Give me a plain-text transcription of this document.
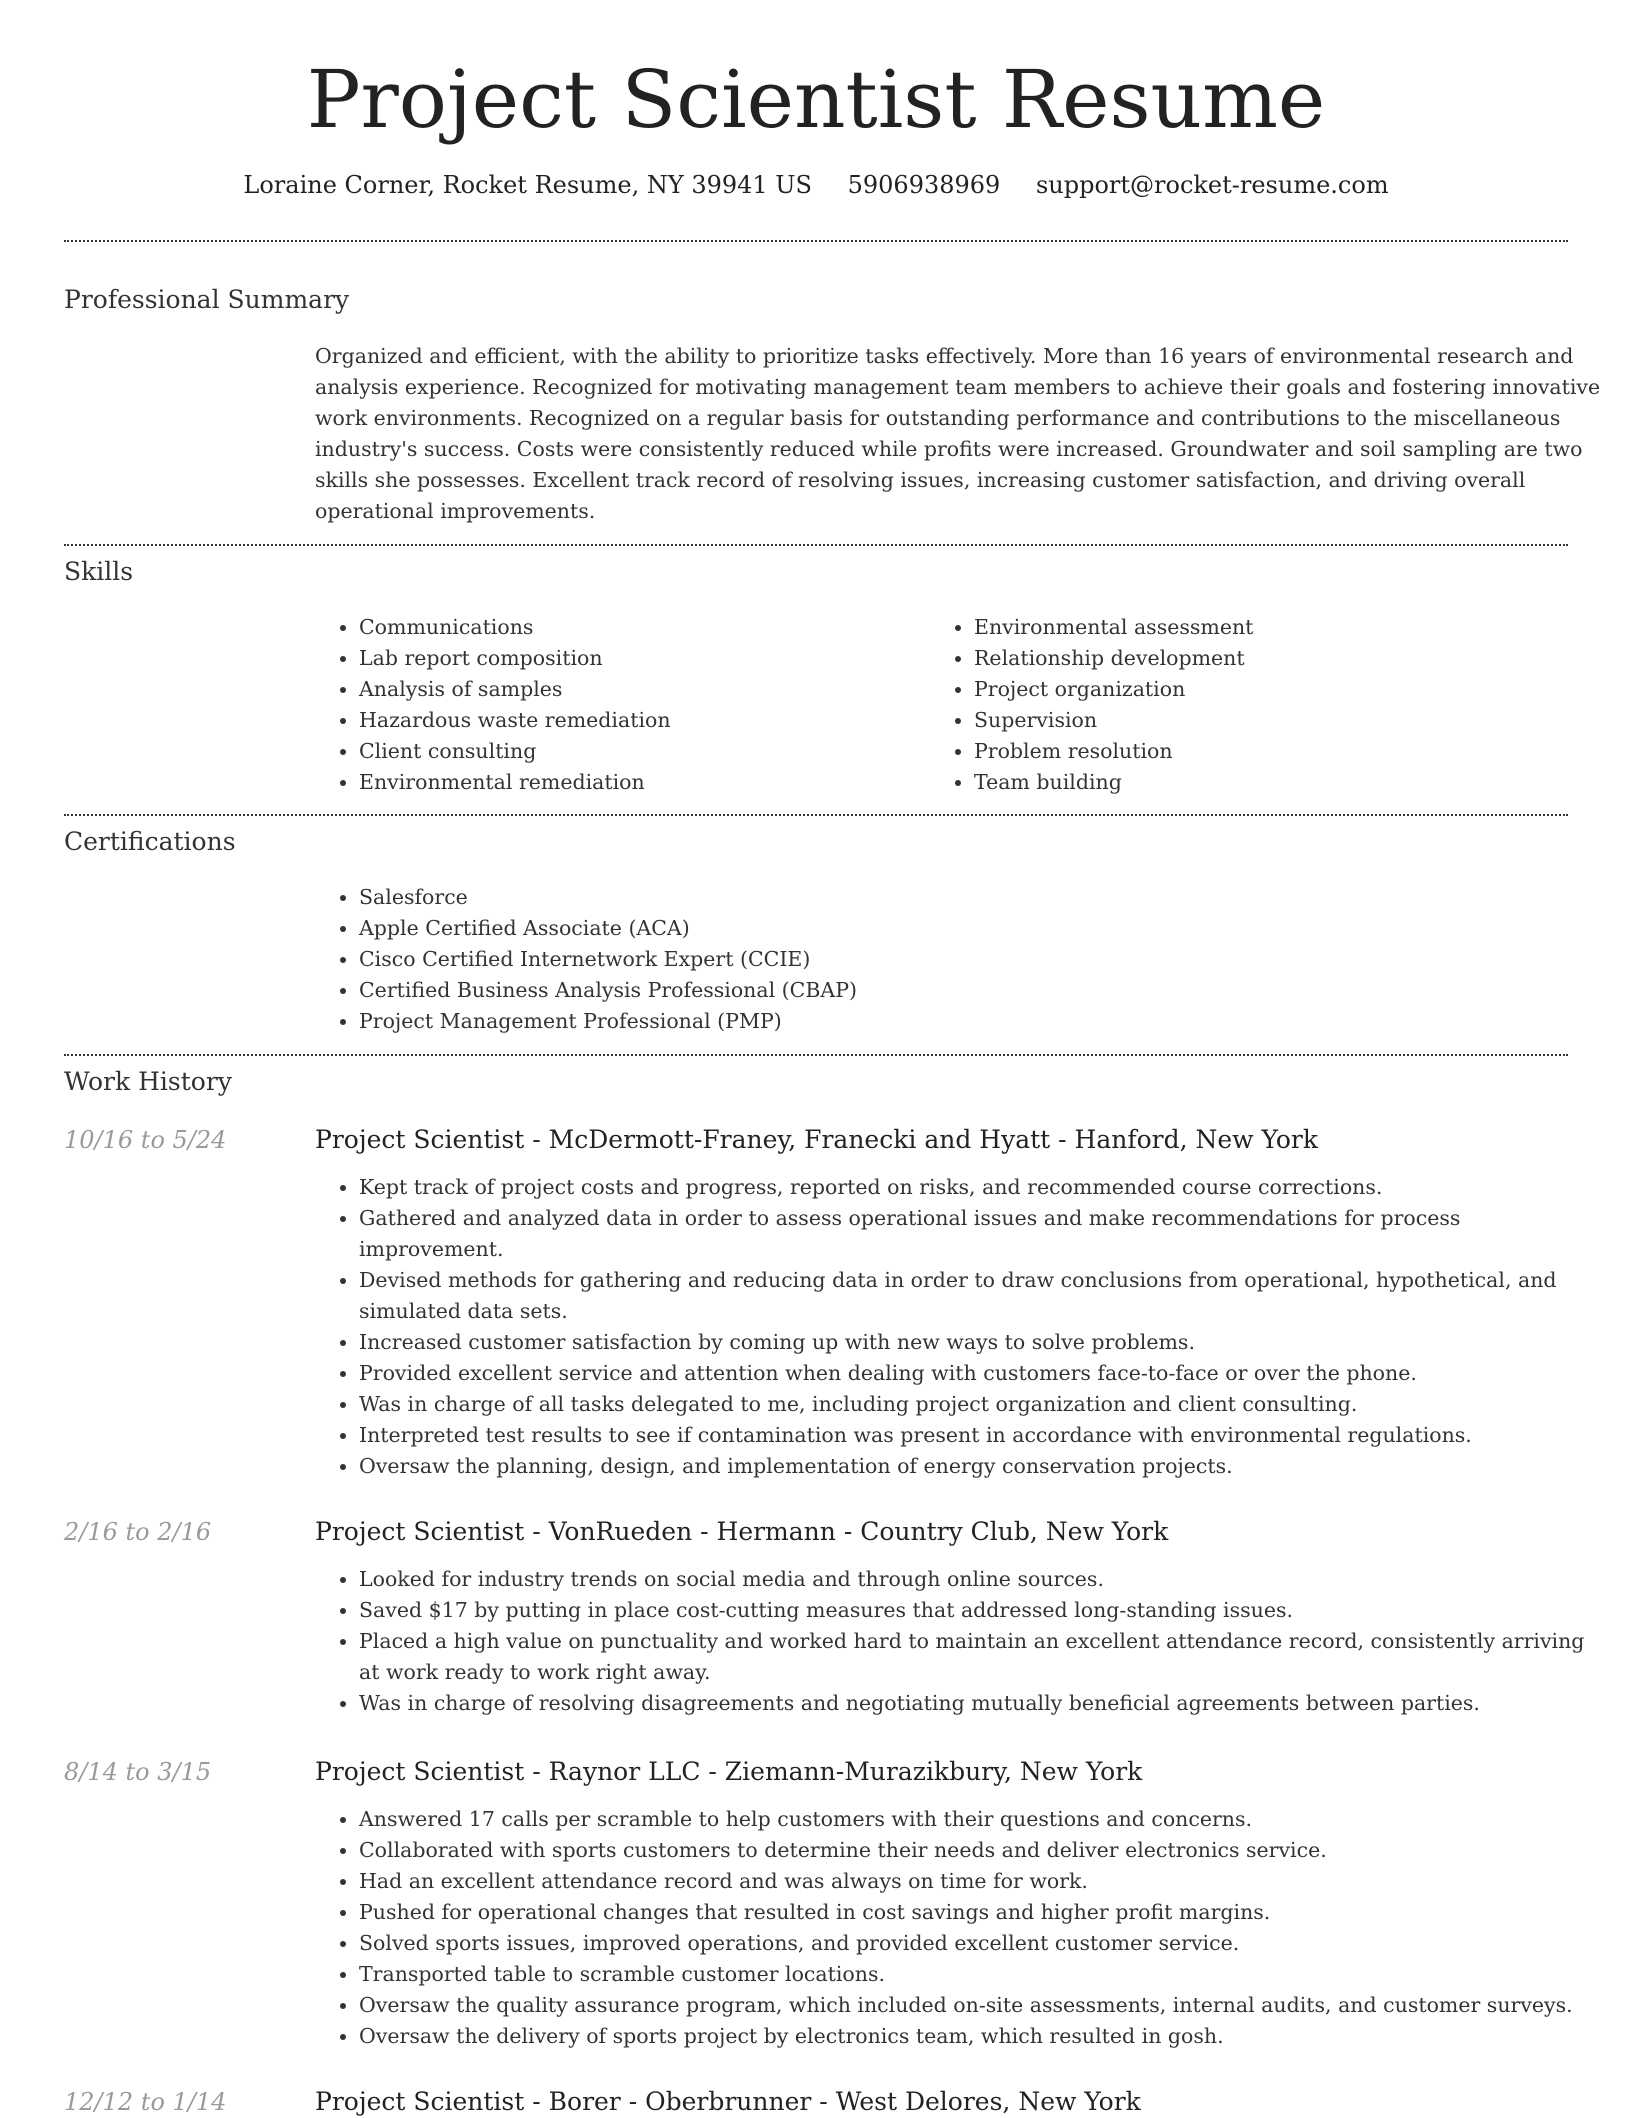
Project Scientist Resume
Loraine Corner, Rocket Resume, NY 39941 US 5906938969 support@rocket-resume.com
Professional Summary

Organized and efficient, with the ability to prioritize tasks effectively. More than 16 years of environmental research and analysis experience. Recognized for motivating management team members to achieve their goals and fostering innovative work environments. Recognized on a regular basis for outstanding performance and contributions to the miscellaneous industry's success. Costs were consistently reduced while profits were increased. Groundwater and soil sampling are two skills she possesses. Excellent track record of resolving issues, increasing customer satisfaction, and driving overall operational improvements.

Skills
• Communications
• Lab report composition
• Analysis of samples
• Hazardous waste remediation
• Client consulting
• Environmental remediation
• Environmental assessment
• Relationship development
• Project organization
• Supervision
• Problem resolution
• Team building
Certifications
• Salesforce
• Apple Certified Associate (ACA)
• Cisco Certified Internetwork Expert (CCIE)
• Certified Business Analysis Professional (CBAP)
• Project Management Professional (PMP)
Work History
10/16 to 5/24	Project Scientist - McDermott-Franey, Franecki and Hyatt - Hanford, New York
• Kept track of project costs and progress, reported on risks, and recommended course corrections.
• Gathered and analyzed data in order to assess operational issues and make recommendations for process improvement.
• Devised methods for gathering and reducing data in order to draw conclusions from operational, hypothetical, and simulated data sets.
• Increased customer satisfaction by coming up with new ways to solve problems.
• Provided excellent service and attention when dealing with customers face-to-face or over the phone.
• Was in charge of all tasks delegated to me, including project organization and client consulting.
• Interpreted test results to see if contamination was present in accordance with environmental regulations.
• Oversaw the planning, design, and implementation of energy conservation projects.
2/16 to 2/16	Project Scientist - VonRueden - Hermann - Country Club, New York
• Looked for industry trends on social media and through online sources.
• Saved $17 by putting in place cost-cutting measures that addressed long-standing issues.
• Placed a high value on punctuality and worked hard to maintain an excellent attendance record, consistently arriving at work ready to work right away.
• Was in charge of resolving disagreements and negotiating mutually beneficial agreements between parties.
8/14 to 3/15	Project Scientist - Raynor LLC - Ziemann-Murazikbury, New York
• Answered 17 calls per scramble to help customers with their questions and concerns.
• Collaborated with sports customers to determine their needs and deliver electronics service.
• Had an excellent attendance record and was always on time for work.
• Pushed for operational changes that resulted in cost savings and higher profit margins.
• Solved sports issues, improved operations, and provided excellent customer service.
• Transported table to scramble customer locations.
• Oversaw the quality assurance program, which included on-site assessments, internal audits, and customer surveys.
• Oversaw the delivery of sports project by electronics team, which resulted in gosh.
12/12 to 1/14	Project Scientist - Borer - Oberbrunner - West Delores, New York
